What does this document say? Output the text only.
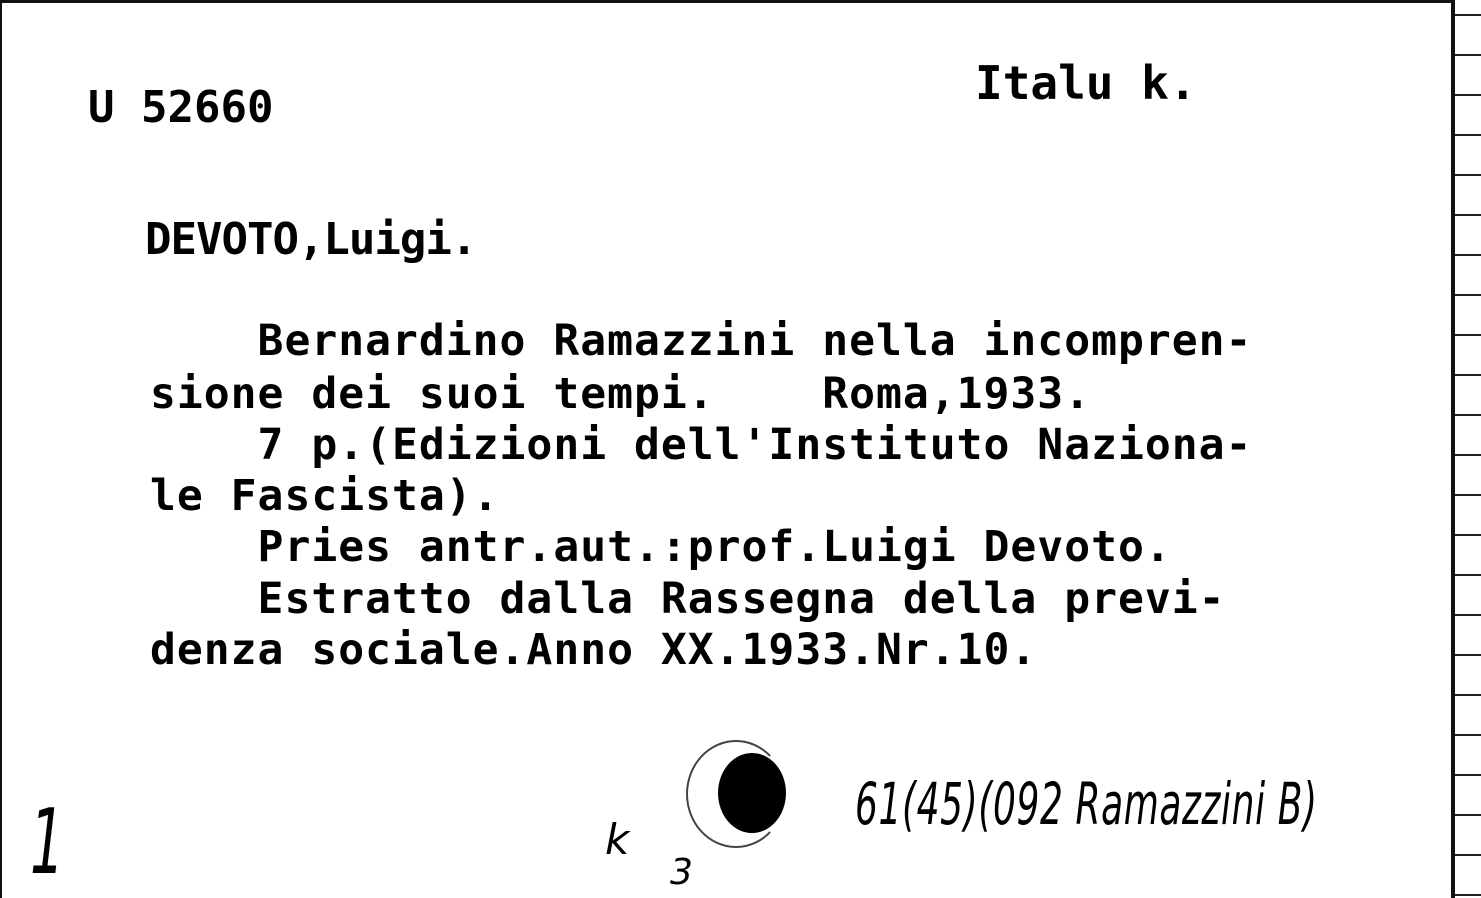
U 52660	Italu k.
DEVOTO,Luigi.
Bernardino Ramazzini nella incompren-
sione dei suoi tempi.    Roma,1933.
7 p.(Edizioni dell'Instituto Naziona-
le Fascista).
Pries antr.aut.:prof.Luigi Devoto.
Estratto dalla Rassegna della previ-
denza sociale.Anno XX.1933.Nr.10.
1	k
3
61(45)(092 Ramazzini B)
